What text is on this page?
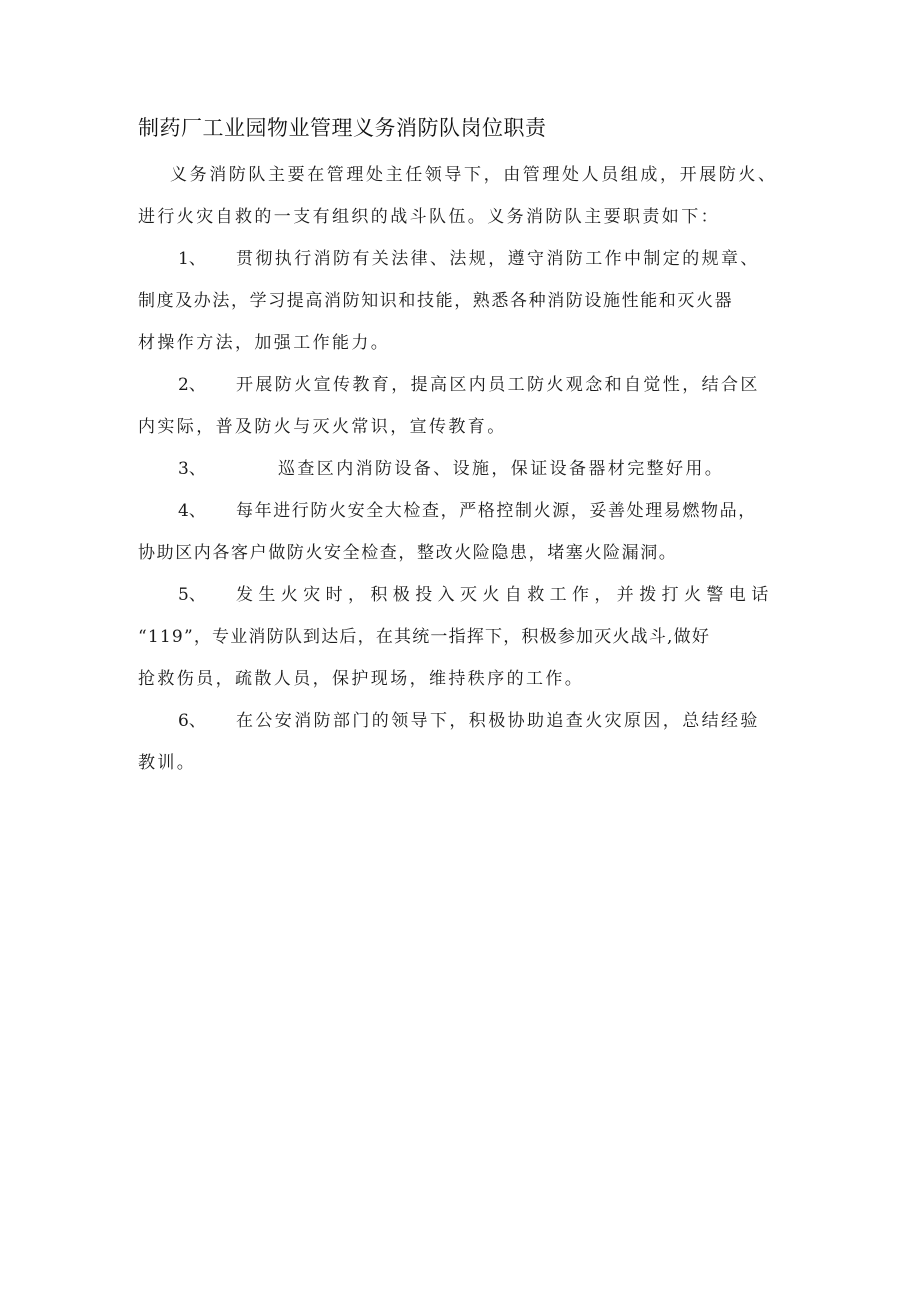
制药厂工业园物业管理义务消防队岗位职责
义务消防队主要在管理处主任领导下，由管理处人员组成，开展防火、
进行火灾自救的一支有组织的战斗队伍。义务消防队主要职责如下：
1、 贯彻执行消防有关法律、法规，遵守消防工作中制定的规章、
制度及办法，学习提高消防知识和技能，熟悉各种消防设施性能和灭火器
材操作方法，加强工作能力。
2、 开展防火宣传教育，提高区内员工防火观念和自觉性，结合区
内实际，普及防火与灭火常识，宣传教育。
3、	巡查区内消防设备、设施，保证设备器材完整好用。
4、 每年进行防火安全大检查，严格控制火源，妥善处理易燃物品，
协助区内各客户做防火安全检查，整改火险隐患，堵塞火险漏洞。
5、 发生火灾时，积极投入灭火自救工作，并拨打火警电话
“119”，专业消防队到达后，在其统一指挥下，积极参加灭火战斗,做好
抢救伤员，疏散人员，保护现场，维持秩序的工作。
6、 在公安消防部门的领导下，积极协助追查火灾原因，总结经验
教训。
